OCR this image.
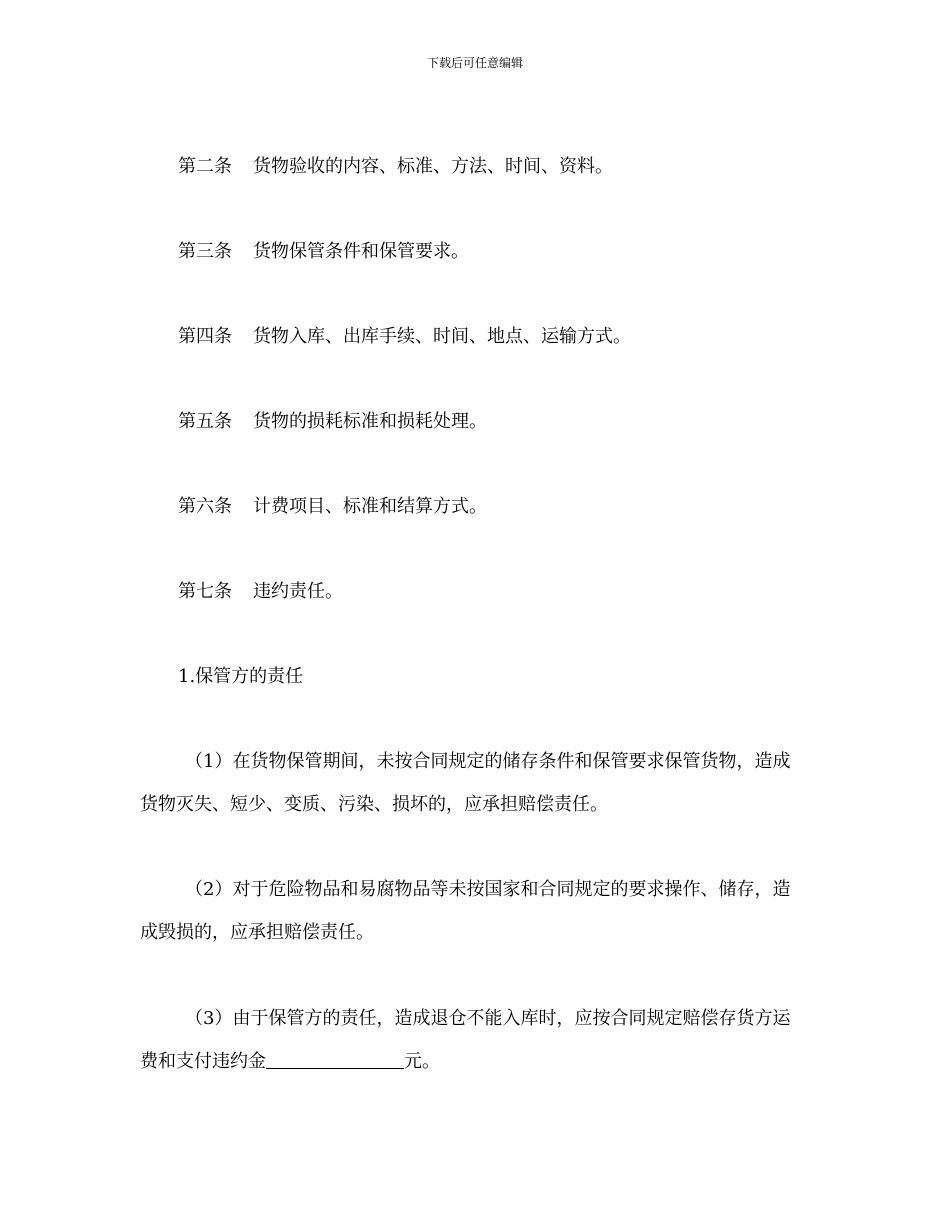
下载后可任意编辑
第二条 货物验收的内容、标准、方法、时间、资料。
第三条 货物保管条件和保管要求。
第四条 货物入库、出库手续、时间、地点、运输方式。
第五条 货物的损耗标准和损耗处理。
第六条 计费项目、标准和结算方式。
第七条 违约责任。
1.保管方的责任
（1）在货物保管期间，未按合同规定的储存条件和保管要求保管货物，造成
货物灭失、短少、变质、污染、损坏的，应承担赔偿责任。
（2）对于危险物品和易腐物品等未按国家和合同规定的要求操作、储存，造
成毁损的，应承担赔偿责任。
（3）由于保管方的责任，造成退仓不能入库时，应按合同规定赔偿存货方运
费和支付违约金	元。
